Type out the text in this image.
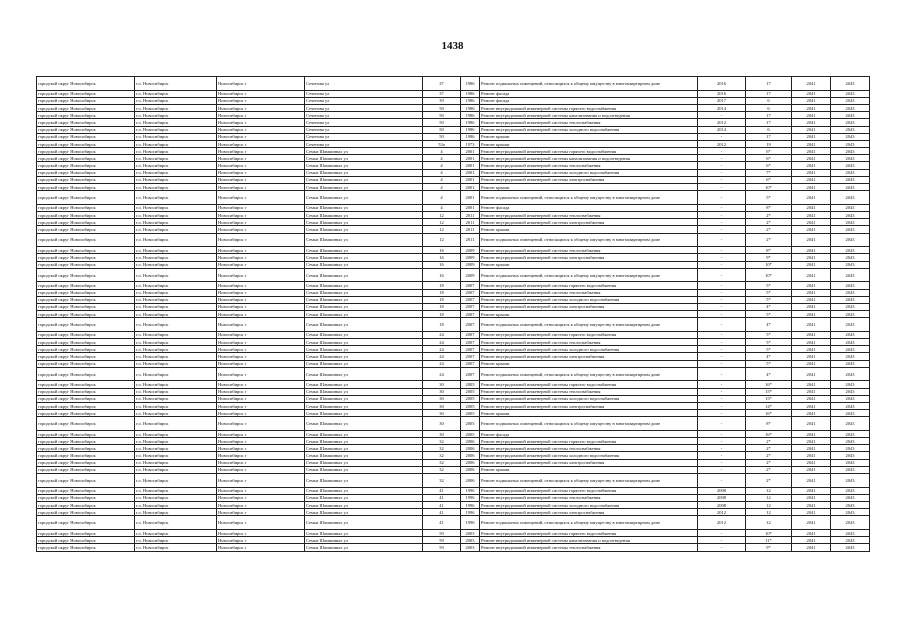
1438
городской округ Новосибирск	г.о. Новосибирск	Новосибирск г	Сеченова ул	37	1986	Ремонт подвальных помещений, относящихся к общему имуществу в многоквартирном доме	2016	17	2041	2043
городской округ Новосибирск	г.о. Новосибирск	Новосибирск г	Сеченова ул	37	1986	Ремонт фасада	2016	17	2041	2043
городской округ Новосибирск	г.о. Новосибирск	Новосибирск г	Сеченова ул	39	1986	Ремонт фасада	2017	6	2041	2043
городской округ Новосибирск	г.о. Новосибирск	Новосибирск г	Сеченова ул	50	1986	Ремонт внутридомовой инженерной системы горячего водоснабжения	2014	6	2041	2043
городской округ Новосибирск	г.о. Новосибирск	Новосибирск г	Сеченова ул	50	1986	Ремонт внутридомовой инженерной системы канализования и водоотведения	-	17	2041	2043
городской округ Новосибирск	г.о. Новосибирск	Новосибирск г	Сеченова ул	50	1986	Ремонт внутридомовой инженерной системы теплоснабжения	2012	17	2041	2043
городской округ Новосибирск	г.о. Новосибирск	Новосибирск г	Сеченова ул	50	1986	Ремонт внутридомовой инженерной системы холодного водоснабжения	2014	6	2041	2043
городской округ Новосибирск	г.о. Новосибирск	Новосибирск г	Сеченова ул	50	1986	Ремонт крыши	-	17	2041	2043
городской округ Новосибирск	г.о. Новосибирск	Новосибирск г	Сеченова ул	53а	1973	Ремонт крыши	2012	19	2041	2043
городской округ Новосибирск	г.о. Новосибирск	Новосибирск г	Семьи Шамшиных ул	4	2001	Ремонт внутридомовой инженерной системы горячего водоснабжения	-	6*	2041	2043
городской округ Новосибирск	г.о. Новосибирск	Новосибирск г	Семьи Шамшиных ул	4	2001	Ремонт внутридомовой инженерной системы канализования и водоотведения	-	6*	2041	2043
городской округ Новосибирск	г.о. Новосибирск	Новосибирск г	Семьи Шамшиных ул	4	2001	Ремонт внутридомовой инженерной системы теплоснабжения	-	6*	2041	2043
городской округ Новосибирск	г.о. Новосибирск	Новосибирск г	Семьи Шамшиных ул	4	2001	Ремонт внутридомовой инженерной системы холодного водоснабжения	-	7*	2041	2043
городской округ Новосибирск	г.о. Новосибирск	Новосибирск г	Семьи Шамшиных ул	4	2001	Ремонт внутридомовой инженерной системы электроснабжения	-	6*	2041	2043
городской округ Новосибирск	г.о. Новосибирск	Новосибирск г	Семьи Шамшиных ул	4	2001	Ремонт крыши	-	10*	2041	2043
городской округ Новосибирск	г.о. Новосибирск	Новосибирск г	Семьи Шамшиных ул	4	2001	Ремонт подвальных помещений, относящихся к общему имуществу в многоквартирном доме	-	5*	2041	2043
городской округ Новосибирск	г.о. Новосибирск	Новосибирск г	Семьи Шамшиных ул	4	2001	Ремонт фасада	-	8*	2041	2043
городской округ Новосибирск	г.о. Новосибирск	Новосибирск г	Семьи Шамшиных ул	12	2011	Ремонт внутридомовой инженерной системы теплоснабжения	-	2*	2041	2043
городской округ Новосибирск	г.о. Новосибирск	Новосибирск г	Семьи Шамшиных ул	12	2011	Ремонт внутридомовой инженерной системы электроснабжения	-	2*	2041	2043
городской округ Новосибирск	г.о. Новосибирск	Новосибирск г	Семьи Шамшиных ул	12	2011	Ремонт крыши	-	2*	2041	2043
городской округ Новосибирск	г.о. Новосибирск	Новосибирск г	Семьи Шамшиных ул	12	2011	Ремонт подвальных помещений, относящихся к общему имуществу в многоквартирном доме	-	2*	2041	2043
городской округ Новосибирск	г.о. Новосибирск	Новосибирск г	Семьи Шамшиных ул	16	2009	Ремонт внутридомовой инженерной системы теплоснабжения	-	8*	2041	2043
городской округ Новосибирск	г.о. Новосибирск	Новосибирск г	Семьи Шамшиных ул	16	2009	Ремонт внутридомовой инженерной системы электроснабжения	-	9*	2041	2043
городской округ Новосибирск	г.о. Новосибирск	Новосибирск г	Семьи Шамшиных ул	16	2009	Ремонт крыши	-	10*	2041	2043
городской округ Новосибирск	г.о. Новосибирск	Новосибирск г	Семьи Шамшиных ул	16	2009	Ремонт подвальных помещений, относящихся к общему имуществу в многоквартирном доме	-	10*	2041	2043
городской округ Новосибирск	г.о. Новосибирск	Новосибирск г	Семьи Шамшиных ул	18	2007	Ремонт внутридомовой инженерной системы горячего водоснабжения	-	5*	2041	2043
городской округ Новосибирск	г.о. Новосибирск	Новосибирск г	Семьи Шамшиных ул	18	2007	Ремонт внутридомовой инженерной системы теплоснабжения	-	5*	2041	2043
городской округ Новосибирск	г.о. Новосибирск	Новосибирск г	Семьи Шамшиных ул	18	2007	Ремонт внутридомовой инженерной системы холодного водоснабжения	-	5*	2041	2043
городской округ Новосибирск	г.о. Новосибирск	Новосибирск г	Семьи Шамшиных ул	18	2007	Ремонт внутридомовой инженерной системы электроснабжения	-	4*	2041	2043
городской округ Новосибирск	г.о. Новосибирск	Новосибирск г	Семьи Шамшиных ул	18	2007	Ремонт крыши	-	5*	2041	2043
городской округ Новосибирск	г.о. Новосибирск	Новосибирск г	Семьи Шамшиных ул	18	2007	Ремонт подвальных помещений, относящихся к общему имуществу в многоквартирном доме	-	4*	2041	2043
городской округ Новосибирск	г.о. Новосибирск	Новосибирск г	Семьи Шамшиных ул	24	2007	Ремонт внутридомовой инженерной системы горячего водоснабжения	-	5*	2041	2043
городской округ Новосибирск	г.о. Новосибирск	Новосибирск г	Семьи Шамшиных ул	24	2007	Ремонт внутридомовой инженерной системы теплоснабжения	-	5*	2041	2043
городской округ Новосибирск	г.о. Новосибирск	Новосибирск г	Семьи Шамшиных ул	24	2007	Ремонт внутридомовой инженерной системы холодного водоснабжения	-	5*	2041	2043
городской округ Новосибирск	г.о. Новосибирск	Новосибирск г	Семьи Шамшиных ул	24	2007	Ремонт внутридомовой инженерной системы электроснабжения	-	4*	2041	2043
городской округ Новосибирск	г.о. Новосибирск	Новосибирск г	Семьи Шамшиных ул	24	2007	Ремонт крыши	-	5*	2041	2043
городской округ Новосибирск	г.о. Новосибирск	Новосибирск г	Семьи Шамшиных ул	24	2007	Ремонт подвальных помещений, относящихся к общему имуществу в многоквартирном доме	-	4*	2041	2043
городской округ Новосибирск	г.о. Новосибирск	Новосибирск г	Семьи Шамшиных ул	30	2005	Ремонт внутридомовой инженерной системы горячего водоснабжения	-	16*	2041	2043
городской округ Новосибирск	г.о. Новосибирск	Новосибирск г	Семьи Шамшиных ул	30	2005	Ремонт внутридомовой инженерной системы теплоснабжения	-	15*	2041	2043
городской округ Новосибирск	г.о. Новосибирск	Новосибирск г	Семьи Шамшиных ул	30	2005	Ремонт внутридомовой инженерной системы холодного водоснабжения	-	15*	2041	2043
городской округ Новосибирск	г.о. Новосибирск	Новосибирск г	Семьи Шамшиных ул	30	2005	Ремонт внутридомовой инженерной системы электроснабжения	-	14*	2041	2043
городской округ Новосибирск	г.о. Новосибирск	Новосибирск г	Семьи Шамшиных ул	30	2005	Ремонт крыши	-	16*	2041	2043
городской округ Новосибирск	г.о. Новосибирск	Новосибирск г	Семьи Шамшиных ул	30	2005	Ремонт подвальных помещений, относящихся к общему имуществу в многоквартирном доме	-	8*	2041	2043
городской округ Новосибирск	г.о. Новосибирск	Новосибирск г	Семьи Шамшиных ул	30	2005	Ремонт фасада	-	16*	2041	2043
городской округ Новосибирск	г.о. Новосибирск	Новосибирск г	Семьи Шамшиных ул	32	2006	Ремонт внутридомовой инженерной системы горячего водоснабжения	-	2*	2041	2043
городской округ Новосибирск	г.о. Новосибирск	Новосибирск г	Семьи Шамшиных ул	32	2006	Ремонт внутридомовой инженерной системы теплоснабжения	-	2*	2041	2043
городской округ Новосибирск	г.о. Новосибирск	Новосибирск г	Семьи Шамшиных ул	32	2006	Ремонт внутридомовой инженерной системы холодного водоснабжения	-	2*	2041	2043
городской округ Новосибирск	г.о. Новосибирск	Новосибирск г	Семьи Шамшиных ул	32	2006	Ремонт внутридомовой инженерной системы электроснабжения	-	2*	2041	2043
городской округ Новосибирск	г.о. Новосибирск	Новосибирск г	Семьи Шамшиных ул	32	2006	Ремонт крыши	-	2*	2041	2043
городской округ Новосибирск	г.о. Новосибирск	Новосибирск г	Семьи Шамшиных ул	32	2006	Ремонт подвальных помещений, относящихся к общему имуществу в многоквартирном доме	-	2*	2041	2043
городской округ Новосибирск	г.о. Новосибирск	Новосибирск г	Семьи Шамшиных ул	41	1996	Ремонт внутридомовой инженерной системы горячего водоснабжения	2008	12	2041	2043
городской округ Новосибирск	г.о. Новосибирск	Новосибирск г	Семьи Шамшиных ул	41	1996	Ремонт внутридомовой инженерной системы теплоснабжения	2008	12	2041	2043
городской округ Новосибирск	г.о. Новосибирск	Новосибирск г	Семьи Шамшиных ул	41	1996	Ремонт внутридомовой инженерной системы холодного водоснабжения	2008	12	2041	2043
городской округ Новосибирск	г.о. Новосибирск	Новосибирск г	Семьи Шамшиных ул	41	1996	Ремонт внутридомовой инженерной системы электроснабжения	2012	12	2041	2043
городской округ Новосибирск	г.о. Новосибирск	Новосибирск г	Семьи Шамшиных ул	41	1996	Ремонт подвальных помещений, относящихся к общему имуществу в многоквартирном доме	2012	12	2041	2043
городской округ Новосибирск	г.о. Новосибирск	Новосибирск г	Семьи Шамшиных ул	59	2003	Ремонт внутридомовой инженерной системы горячего водоснабжения	-	10*	2041	2043
городской округ Новосибирск	г.о. Новосибирск	Новосибирск г	Семьи Шамшиных ул	59	2003	Ремонт внутридомовой инженерной системы канализования и водоотведения	-	11*	2041	2043
городской округ Новосибирск	г.о. Новосибирск	Новосибирск г	Семьи Шамшиных ул	59	2003	Ремонт внутридомовой инженерной системы теплоснабжения	-	9*	2041	2043
